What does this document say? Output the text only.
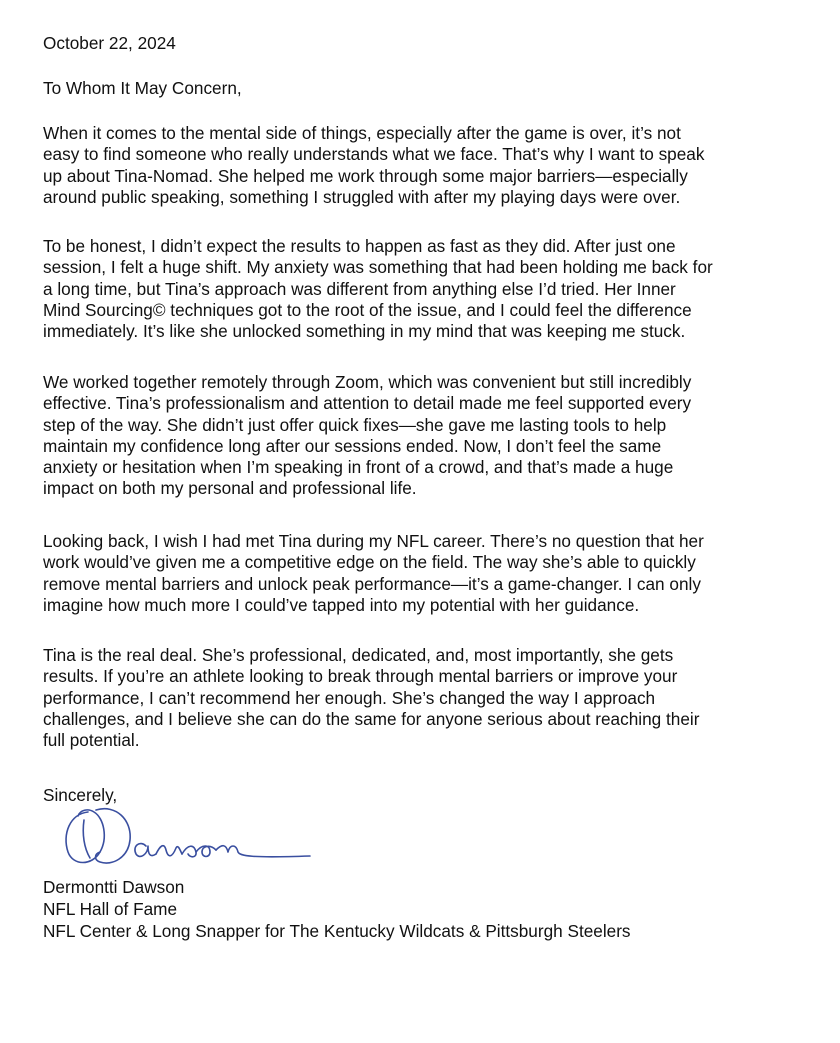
October 22, 2024
To Whom It May Concern,
When it comes to the mental side of things, especially after the game is over, it’s not
easy to find someone who really understands what we face. That’s why I want to speak
up about Tina-Nomad. She helped me work through some major barriers—especially
around public speaking, something I struggled with after my playing days were over.
To be honest, I didn’t expect the results to happen as fast as they did. After just one
session, I felt a huge shift. My anxiety was something that had been holding me back for
a long time, but Tina’s approach was different from anything else I’d tried. Her Inner
Mind Sourcing© techniques got to the root of the issue, and I could feel the difference
immediately. It’s like she unlocked something in my mind that was keeping me stuck.
We worked together remotely through Zoom, which was convenient but still incredibly
effective. Tina’s professionalism and attention to detail made me feel supported every
step of the way. She didn’t just offer quick fixes—she gave me lasting tools to help
maintain my confidence long after our sessions ended. Now, I don’t feel the same
anxiety or hesitation when I’m speaking in front of a crowd, and that’s made a huge
impact on both my personal and professional life.
Looking back, I wish I had met Tina during my NFL career. There’s no question that her
work would’ve given me a competitive edge on the field. The way she’s able to quickly
remove mental barriers and unlock peak performance—it’s a game-changer. I can only
imagine how much more I could’ve tapped into my potential with her guidance.
Tina is the real deal. She’s professional, dedicated, and, most importantly, she gets
results. If you’re an athlete looking to break through mental barriers or improve your
performance, I can’t recommend her enough. She’s changed the way I approach
challenges, and I believe she can do the same for anyone serious about reaching their
full potential.
Sincerely,
Dermontti Dawson
NFL Hall of Fame
NFL Center & Long Snapper for The Kentucky Wildcats & Pittsburgh Steelers
